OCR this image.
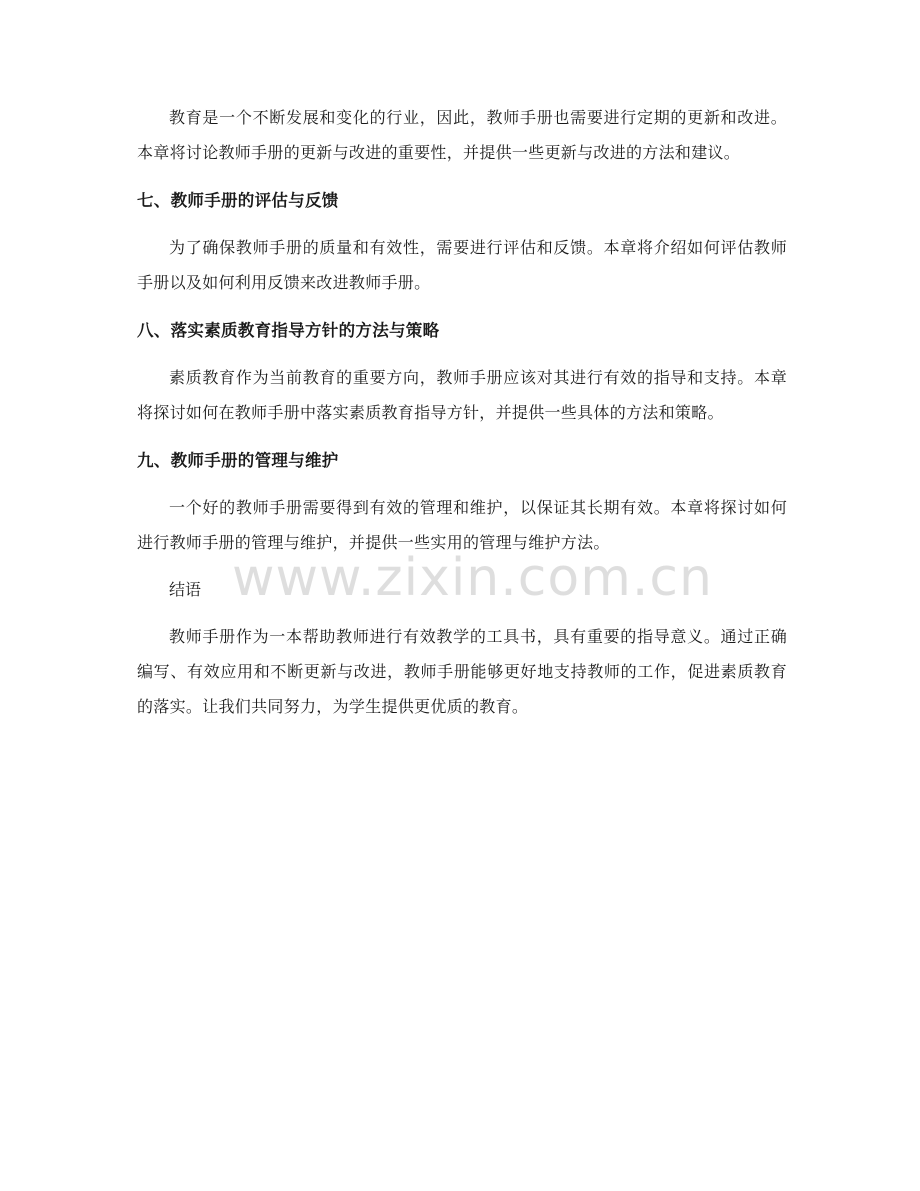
教育是一个不断发展和变化的行业，因此，教师手册也需要进行定期的更新和改进。本章将讨论教师手册的更新与改进的重要性，并提供一些更新与改进的方法和建议。

七、教师手册的评估与反馈

为了确保教师手册的质量和有效性，需要进行评估和反馈。本章将介绍如何评估教师手册以及如何利用反馈来改进教师手册。

八、落实素质教育指导方针的方法与策略

素质教育作为当前教育的重要方向，教师手册应该对其进行有效的指导和支持。本章将探讨如何在教师手册中落实素质教育指导方针，并提供一些具体的方法和策略。

九、教师手册的管理与维护

一个好的教师手册需要得到有效的管理和维护，以保证其长期有效。本章将探讨如何进行教师手册的管理与维护，并提供一些实用的管理与维护方法。

结语

教师手册作为一本帮助教师进行有效教学的工具书，具有重要的指导意义。通过正确编写、有效应用和不断更新与改进，教师手册能够更好地支持教师的工作，促进素质教育的落实。让我们共同努力，为学生提供更优质的教育。

www.zixin.com.cn
